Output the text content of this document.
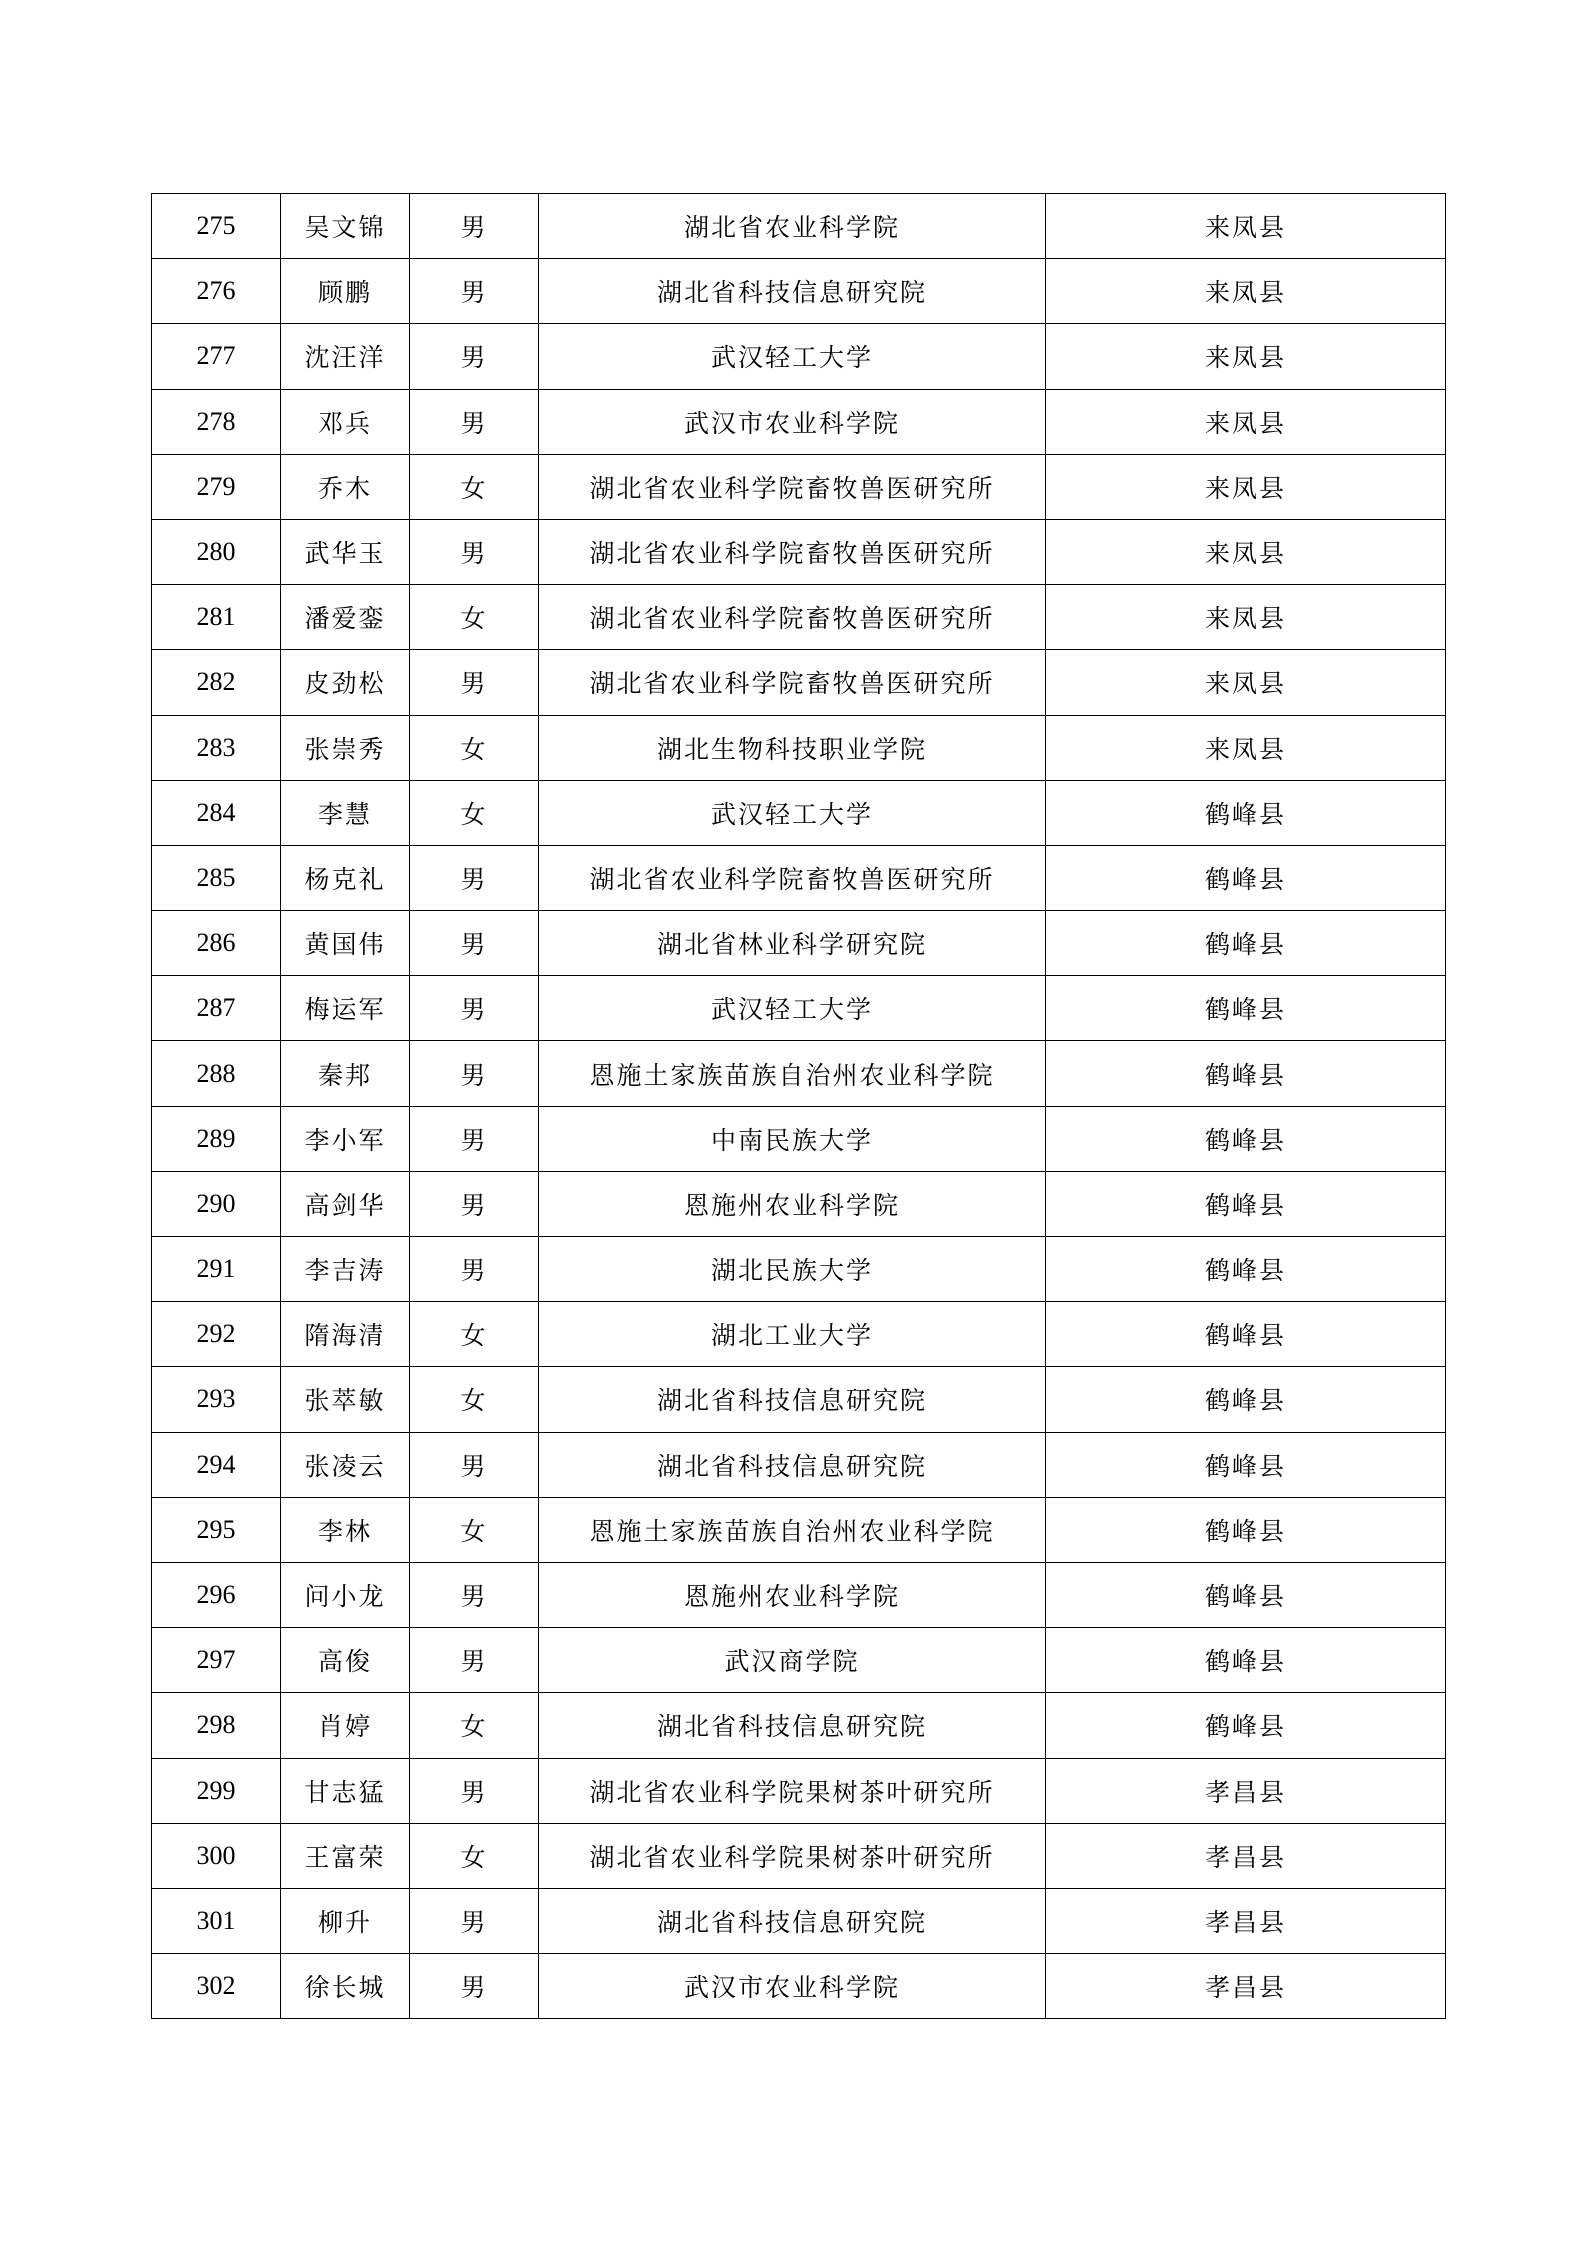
275	吴文锦	男	湖北省农业科学院	来凤县
276	顾鹏	男	湖北省科技信息研究院	来凤县
277	沈汪洋	男	武汉轻工大学	来凤县
278	邓兵	男	武汉市农业科学院	来凤县
279	乔木	女	湖北省农业科学院畜牧兽医研究所	来凤县
280	武华玉	男	湖北省农业科学院畜牧兽医研究所	来凤县
281	潘爱銮	女	湖北省农业科学院畜牧兽医研究所	来凤县
282	皮劲松	男	湖北省农业科学院畜牧兽医研究所	来凤县
283	张崇秀	女	湖北生物科技职业学院	来凤县
284	李慧	女	武汉轻工大学	鹤峰县
285	杨克礼	男	湖北省农业科学院畜牧兽医研究所	鹤峰县
286	黄国伟	男	湖北省林业科学研究院	鹤峰县
287	梅运军	男	武汉轻工大学	鹤峰县
288	秦邦	男	恩施土家族苗族自治州农业科学院	鹤峰县
289	李小军	男	中南民族大学	鹤峰县
290	高剑华	男	恩施州农业科学院	鹤峰县
291	李吉涛	男	湖北民族大学	鹤峰县
292	隋海清	女	湖北工业大学	鹤峰县
293	张萃敏	女	湖北省科技信息研究院	鹤峰县
294	张凌云	男	湖北省科技信息研究院	鹤峰县
295	李林	女	恩施土家族苗族自治州农业科学院	鹤峰县
296	问小龙	男	恩施州农业科学院	鹤峰县
297	高俊	男	武汉商学院	鹤峰县
298	肖婷	女	湖北省科技信息研究院	鹤峰县
299	甘志猛	男	湖北省农业科学院果树茶叶研究所	孝昌县
300	王富荣	女	湖北省农业科学院果树茶叶研究所	孝昌县
301	柳升	男	湖北省科技信息研究院	孝昌县
302	徐长城	男	武汉市农业科学院	孝昌县
